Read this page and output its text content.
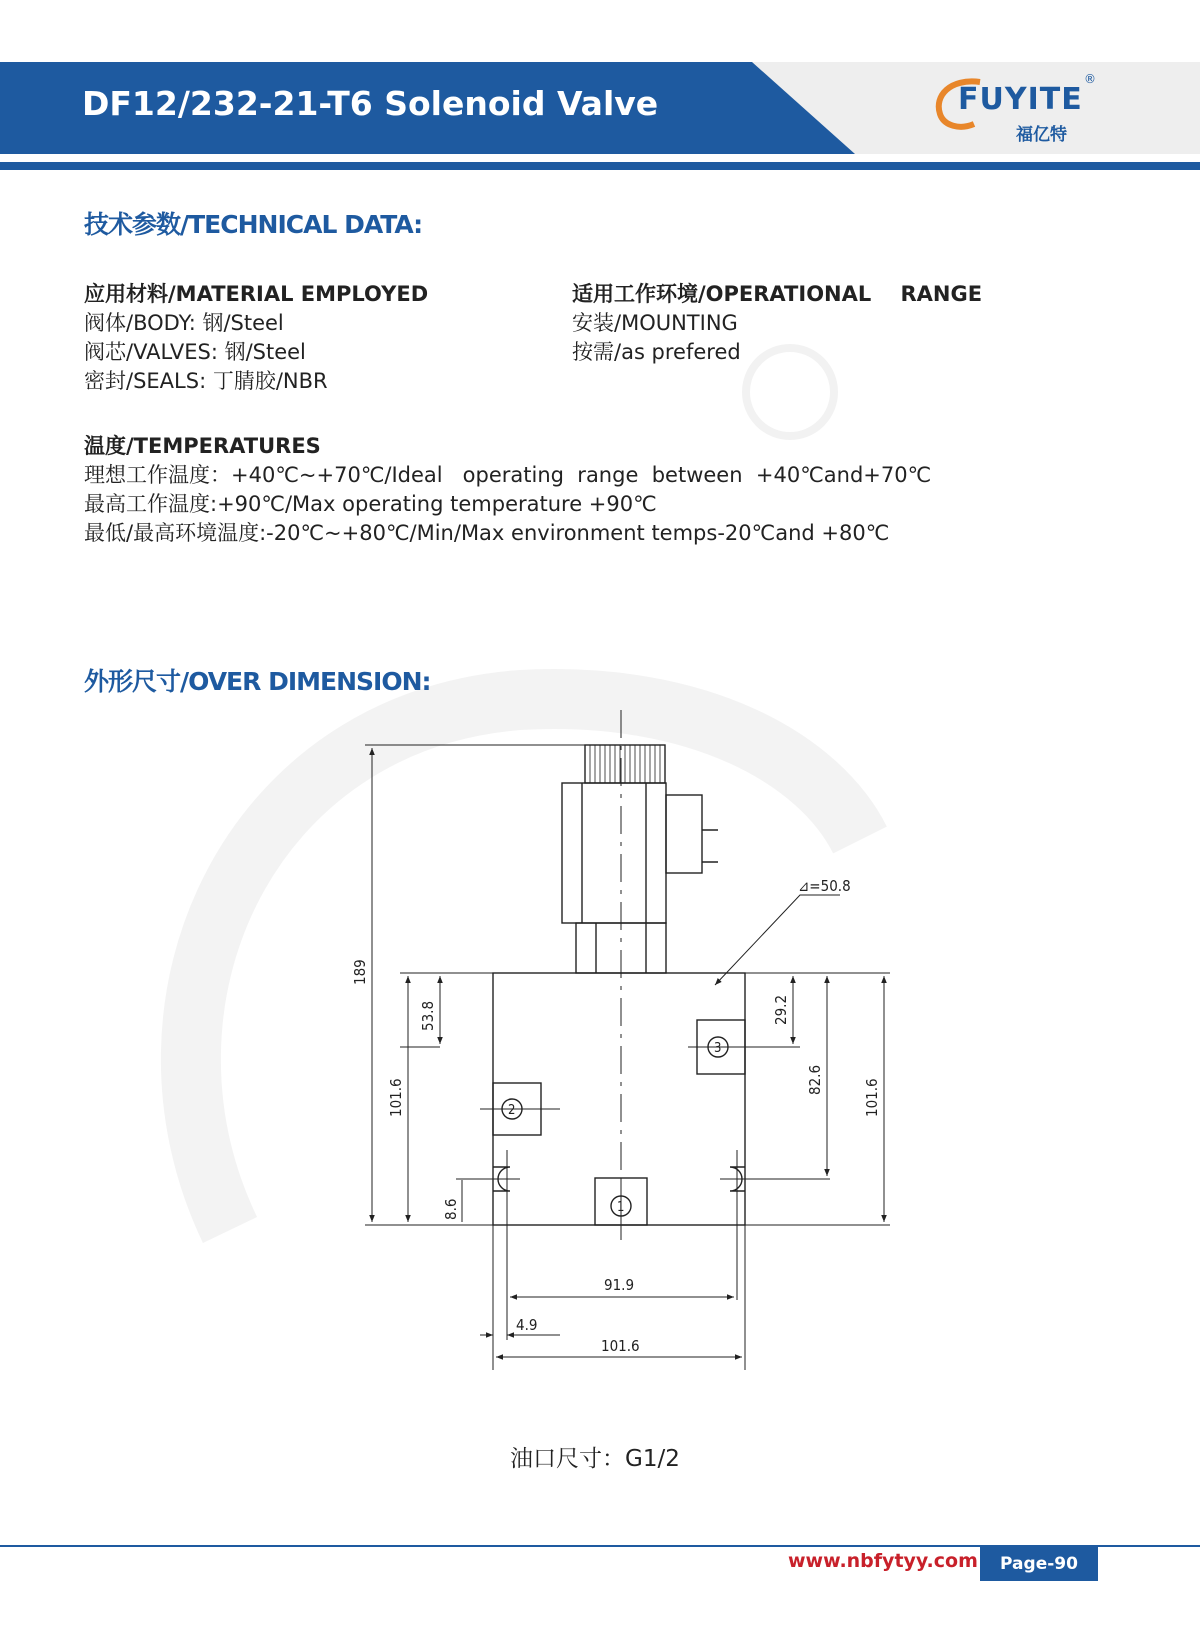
DF12/232-21-T6 Solenoid Valve	FUYITE
®
福亿特
技术参数/TECHNICAL DATA:
应用材料/MATERIAL EMPLOYED
阀体/BODY: 钢/Steel
阀芯/VALVES: 钢/Steel
密封/SEALS: 丁腈胶/NBR
适用工作环境/OPERATIONAL    RANGE
安装/MOUNTING
按需/as prefered
温度/TEMPERATURES
理想工作温度：+40℃~+70℃/Ideal   operating  range  between  +40℃and+70℃
最高工作温度:+90℃/Max operating temperature +90℃
最低/最高环境温度:-20℃~+80℃/Min/Max environment temps-20℃and +80℃
外形尺寸/OVER DIMENSION:
189
101.6
53.8
8.6
29.2
82.6	101.6
⊿=50.8
91.9
4.9
101.6
2
3
1
油口尺寸：G1/2
www.nbfytyy.com	Page-90
